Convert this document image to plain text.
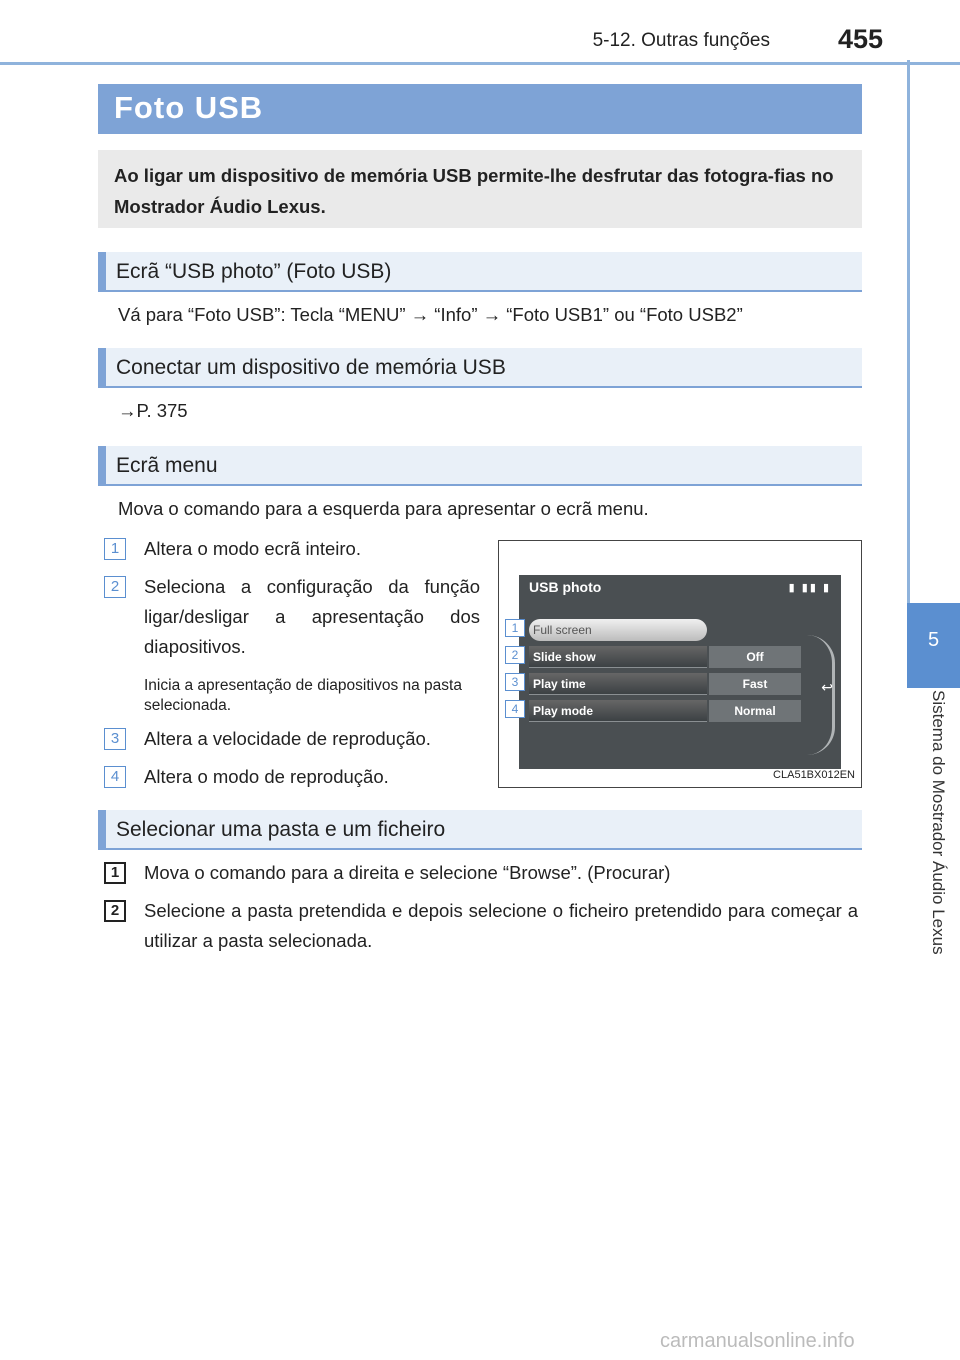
5-12. Outras funções	455
5
Sistema do Mostrador Áudio Lexus
Foto USB
Ao ligar um dispositivo de memória USB permite-lhe desfrutar das fotogra-fias no Mostrador Áudio Lexus.
Ecrã “USB photo” (Foto USB)
Vá para “Foto USB”: Tecla “MENU” → “Info” → “Foto USB1” ou “Foto USB2”
Conectar um dispositivo de memória USB
→P. 375
Ecrã menu
Mova o comando para a esquerda para apresentar o ecrã menu.
1	Altera o modo ecrã inteiro.
2	Seleciona a configuração da função ligar/desligar a apresentação dos diapositivos.
Inicia a apresentação de diapositivos na pasta selecionada.
3	Altera a velocidade de reprodução.
4	Altera o modo de reprodução.
USB photo	▮ ▮▮ ▮
1	Full screen
2	Slide show	Off
3	Play time	Fast
4	Play mode	Normal
↩
CLA51BX012EN
Selecionar uma pasta e um ficheiro
1	Mova o comando para a direita e selecione “Browse”. (Procurar)
2	Selecione a pasta pretendida e depois selecione o ficheiro pretendido para começar a utilizar a pasta selecionada.
carmanualsonline.info
